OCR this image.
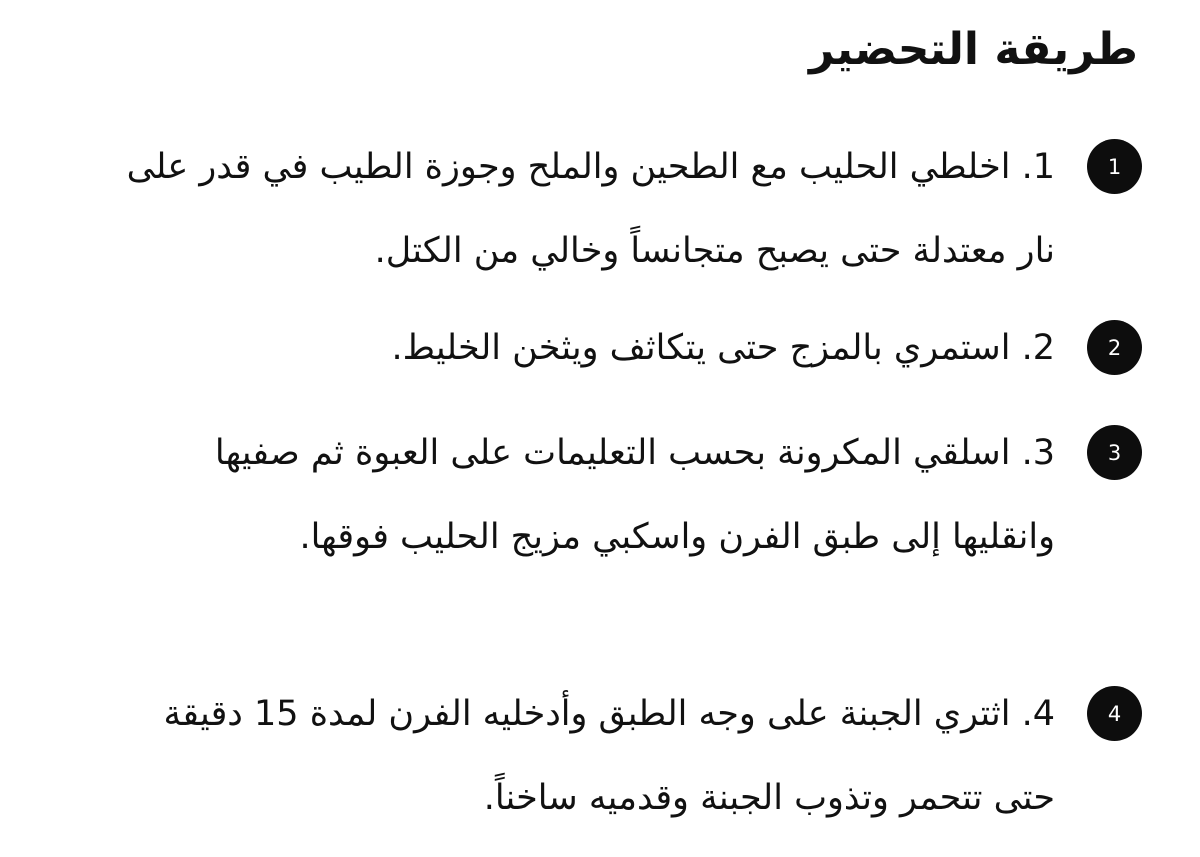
طريقة التحضير
1

1. اخلطي الحليب مع الطحين والملح وجوزة الطيب في قدر على نار معتدلة حتى يصبح متجانساً وخالي من الكتل.

2

2. استمري بالمزج حتى يتكاثف ويثخن الخليط.

3

3. اسلقي المكرونة بحسب التعليمات على العبوة ثم صفيها وانقليها إلى طبق الفرن واسكبي مزيج الحليب فوقها.

4

4. اثتري الجبنة على وجه الطبق وأدخليه الفرن لمدة 15 دقيقة حتى تتحمر وتذوب الجبنة وقدميه ساخناً.
